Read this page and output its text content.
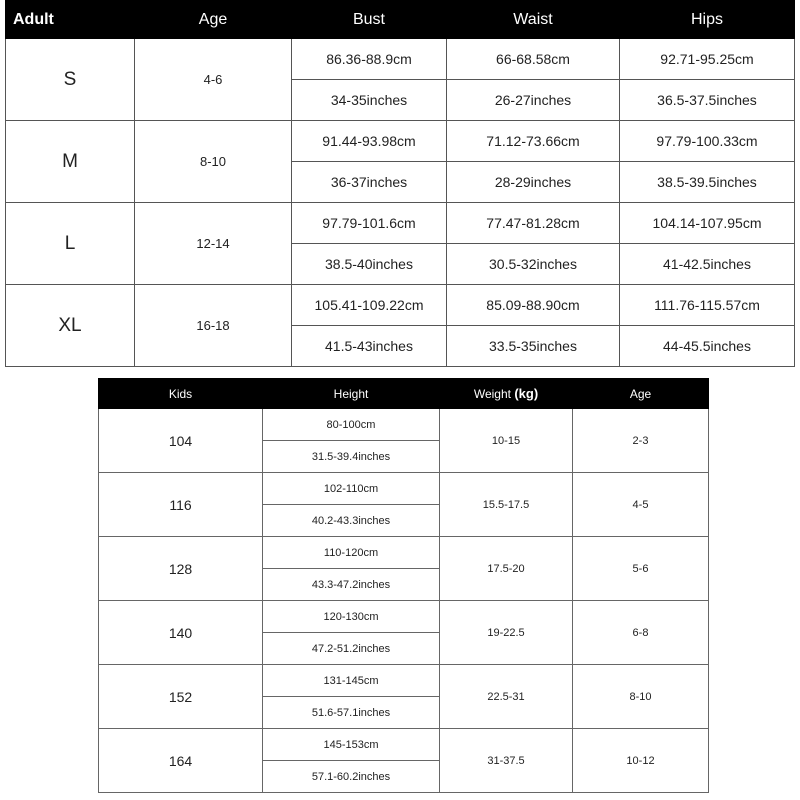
Adult	Age	Bust	Waist	Hips
S	4-6	86.36-88.9cm	66-68.58cm	92.71-95.25cm
		34-35inches	26-27inches	36.5-37.5inches
M	8-10	91.44-93.98cm	71.12-73.66cm	97.79-100.33cm
		36-37inches	28-29inches	38.5-39.5inches
L	12-14	97.79-101.6cm	77.47-81.28cm	104.14-107.95cm
		38.5-40inches	30.5-32inches	41-42.5inches
XL	16-18	105.41-109.22cm	85.09-88.90cm	111.76-115.57cm
		41.5-43inches	33.5-35inches	44-45.5inches
Kids	Height	Weight (kg)	Age
104	80-100cm	10-15	2-3
	31.5-39.4inches		
116	102-110cm	15.5-17.5	4-5
	40.2-43.3inches		
128	110-120cm	17.5-20	5-6
	43.3-47.2inches		
140	120-130cm	19-22.5	6-8
	47.2-51.2inches		
152	131-145cm	22.5-31	8-10
	51.6-57.1inches		
164	145-153cm	31-37.5	10-12
	57.1-60.2inches		
